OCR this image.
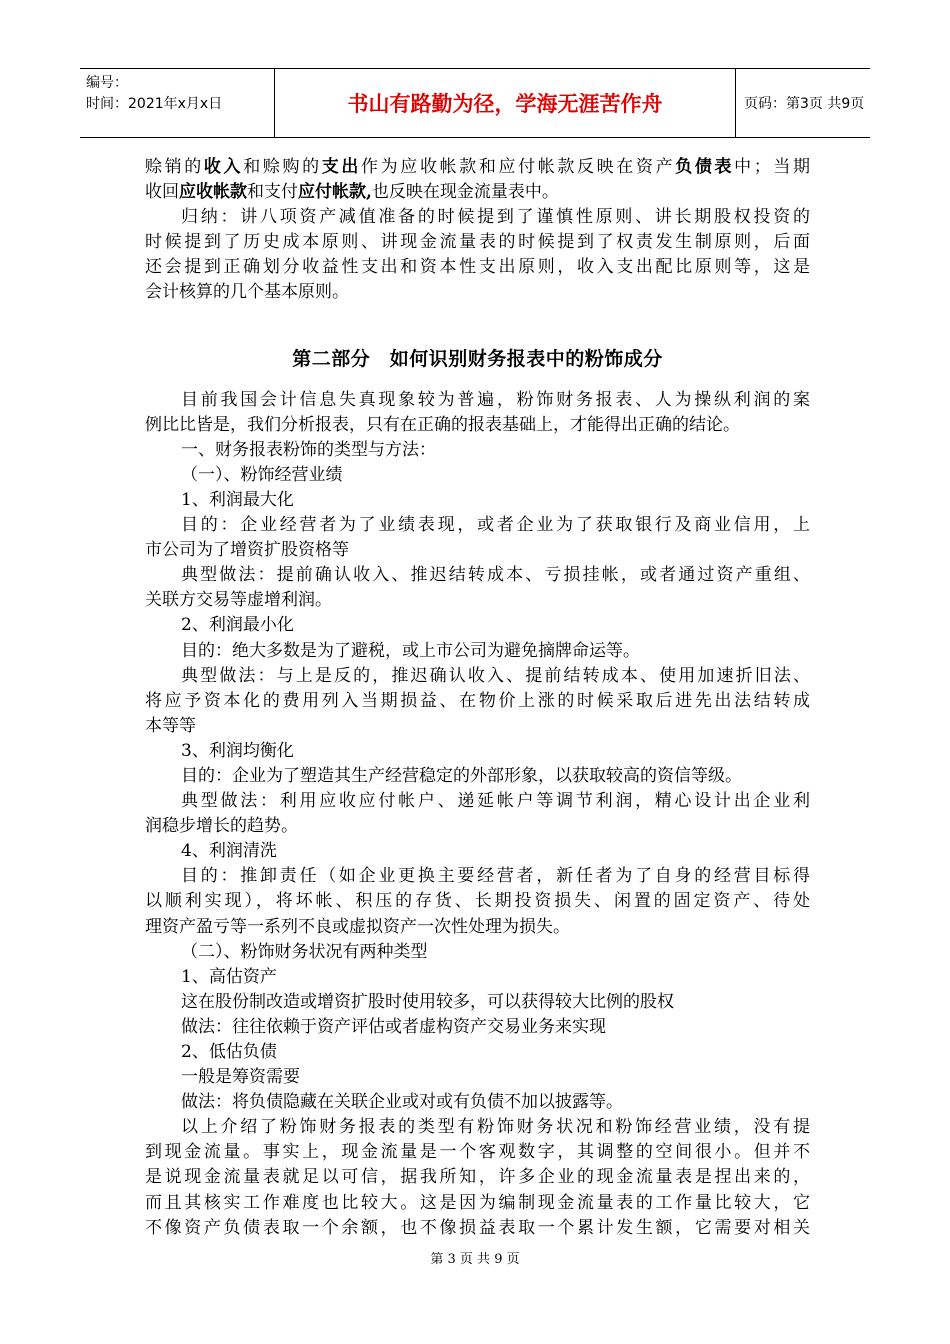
编号：
时间：2021年x月x日	书山有路勤为径，学海无涯苦作舟	页码：第3页 共9页
赊销的收入和赊购的支出作为应收帐款和应付帐款反映在资产负债表中；当期
收回应收帐款和支付应付帐款,也反映在现金流量表中。
归纳：讲八项资产减值准备的时候提到了谨慎性原则、讲长期股权投资的
时候提到了历史成本原则、讲现金流量表的时候提到了权责发生制原则，后面
还会提到正确划分收益性支出和资本性支出原则，收入支出配比原则等，这是
会计核算的几个基本原则。
第二部分　如何识别财务报表中的粉饰成分
目前我国会计信息失真现象较为普遍，粉饰财务报表、人为操纵利润的案
例比比皆是，我们分析报表，只有在正确的报表基础上，才能得出正确的结论。
一、财务报表粉饰的类型与方法：
（一）、粉饰经营业绩
1、利润最大化
目的：企业经营者为了业绩表现，或者企业为了获取银行及商业信用，上
市公司为了增资扩股资格等
典型做法：提前确认收入、推迟结转成本、亏损挂帐，或者通过资产重组、
关联方交易等虚增利润。
2、利润最小化
目的：绝大多数是为了避税，或上市公司为避免摘牌命运等。
典型做法：与上是反的，推迟确认收入、提前结转成本、使用加速折旧法、
将应予资本化的费用列入当期损益、在物价上涨的时候采取后进先出法结转成
本等等
3、利润均衡化
目的：企业为了塑造其生产经营稳定的外部形象，以获取较高的资信等级。
典型做法：利用应收应付帐户、递延帐户等调节利润，精心设计出企业利
润稳步增长的趋势。
4、利润清洗
目的：推卸责任（如企业更换主要经营者，新任者为了自身的经营目标得
以顺利实现），将坏帐、积压的存货、长期投资损失、闲置的固定资产、待处
理资产盈亏等一系列不良或虚拟资产一次性处理为损失。
（二）、粉饰财务状况有两种类型
1、高估资产
这在股份制改造或增资扩股时使用较多，可以获得较大比例的股权
做法：往往依赖于资产评估或者虚构资产交易业务来实现
2、低估负债
一般是筹资需要
做法：将负债隐藏在关联企业或对或有负债不加以披露等。
以上介绍了粉饰财务报表的类型有粉饰财务状况和粉饰经营业绩，没有提
到现金流量。事实上，现金流量是一个客观数字，其调整的空间很小。但并不
是说现金流量表就足以可信，据我所知，许多企业的现金流量表是捏出来的，
而且其核实工作难度也比较大。这是因为编制现金流量表的工作量比较大，它
不像资产负债表取一个余额，也不像损益表取一个累计发生额，它需要对相关
第 3 页 共 9 页
